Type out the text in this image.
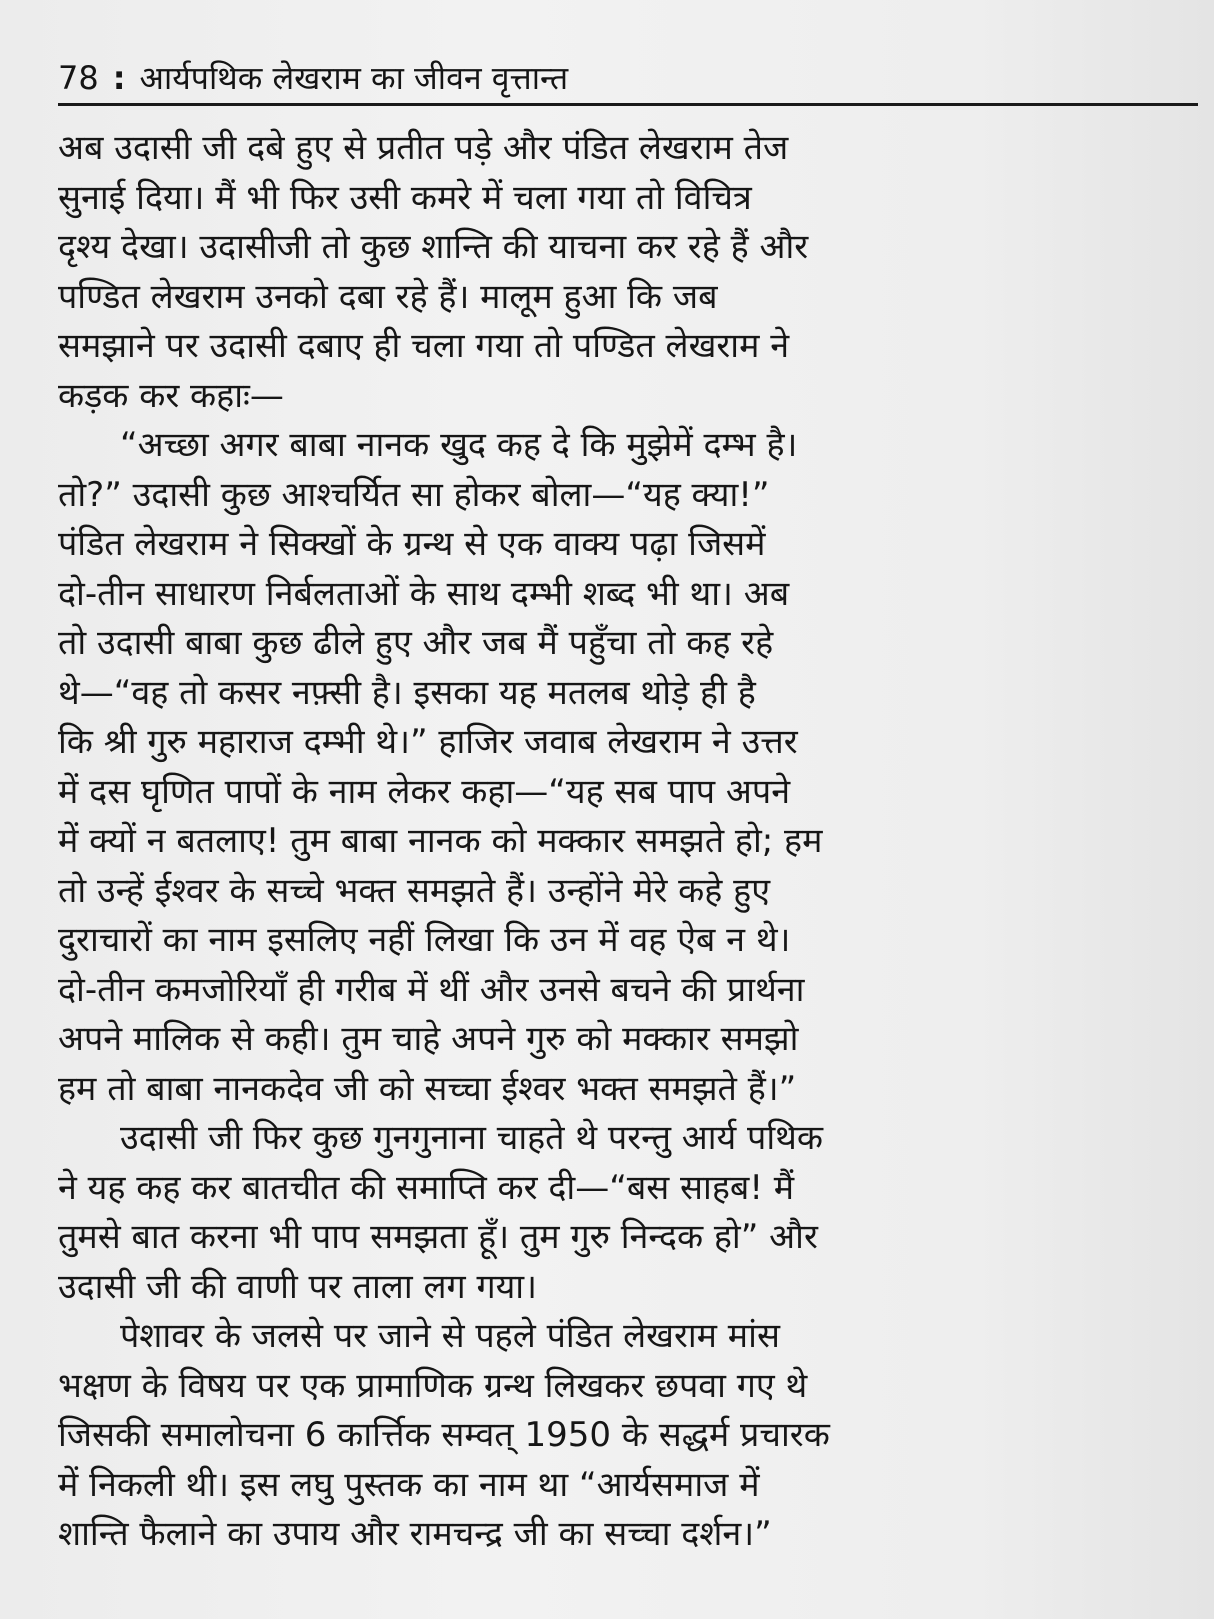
78 : आर्यपथिक लेखराम का जीवन वृत्तान्त
अब उदासी जी दबे हुए से प्रतीत पड़े और पंडित लेखराम तेज
सुनाई दिया। मैं भी फिर उसी कमरे में चला गया तो विचित्र
दृश्य देखा। उदासीजी तो कुछ शान्ति की याचना कर रहे हैं और
पण्डित लेखराम उनको दबा रहे हैं। मालूम हुआ कि जब
समझाने पर उदासी दबाए ही चला गया तो पण्डित लेखराम ने
कड़क कर कहाः—
“अच्छा अगर बाबा नानक खुद कह दे कि मुझेमें दम्भ है।
तो?” उदासी कुछ आश्चर्यित सा होकर बोला—“यह क्या!”
पंडित लेखराम ने सिक्खों के ग्रन्थ से एक वाक्य पढ़ा जिसमें
दो-तीन साधारण निर्बलताओं के साथ दम्भी शब्द भी था। अब
तो उदासी बाबा कुछ ढीले हुए और जब मैं पहुँचा तो कह रहे
थे—“वह तो कसर नफ़्सी है। इसका यह मतलब थोड़े ही है
कि श्री गुरु महाराज दम्भी थे।” हाजिर जवाब लेखराम ने उत्तर
में दस घृणित पापों के नाम लेकर कहा—“यह सब पाप अपने
में क्यों न बतलाए! तुम बाबा नानक को मक्कार समझते हो; हम
तो उन्हें ईश्वर के सच्चे भक्त समझते हैं। उन्होंने मेरे कहे हुए
दुराचारों का नाम इसलिए नहीं लिखा कि उन में वह ऐब न थे।
दो-तीन कमजोरियाँ ही गरीब में थीं और उनसे बचने की प्रार्थना
अपने मालिक से कही। तुम चाहे अपने गुरु को मक्कार समझो
हम तो बाबा नानकदेव जी को सच्चा ईश्वर भक्त समझते हैं।”
उदासी जी फिर कुछ गुनगुनाना चाहते थे परन्तु आर्य पथिक
ने यह कह कर बातचीत की समाप्ति कर दी—“बस साहब! मैं
तुमसे बात करना भी पाप समझता हूँ। तुम गुरु निन्दक हो” और
उदासी जी की वाणी पर ताला लग गया।
पेशावर के जलसे पर जाने से पहले पंडित लेखराम मांस
भक्षण के विषय पर एक प्रामाणिक ग्रन्थ लिखकर छपवा गए थे
जिसकी समालोचना 6 कार्त्तिक सम्वत् 1950 के सद्धर्म प्रचारक
में निकली थी। इस लघु पुस्तक का नाम था “आर्यसमाज में
शान्ति फैलाने का उपाय और रामचन्द्र जी का सच्चा दर्शन।”
